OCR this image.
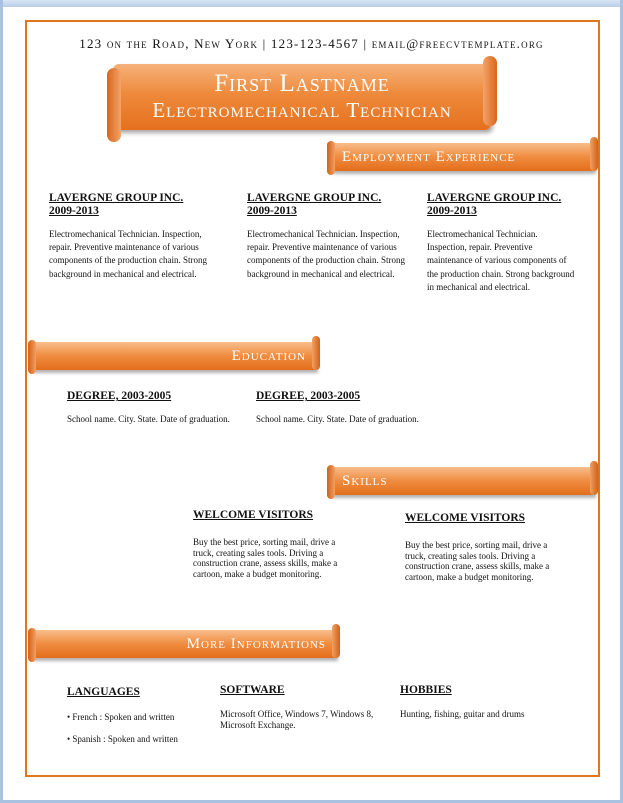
123 on the Road, New York | 123-123-4567 | email@freecvtemplate.org
First Lastname
Electromechanical Technician
Employment Experience
LAVERGNE GROUP INC.
2009-2013
Electromechanical Technician. Inspection, repair. Preventive maintenance of various components of the production chain. Strong background in mechanical and electrical.
LAVERGNE GROUP INC.
2009-2013
Electromechanical Technician. Inspection, repair. Preventive maintenance of various components of the production chain. Strong background in mechanical and electrical.
LAVERGNE GROUP INC.
2009-2013
Electromechanical Technician. Inspection, repair. Preventive maintenance of various components of the production chain. Strong background in mechanical and electrical.
Education
DEGREE, 2003-2005
School name. City. State. Date of graduation.
DEGREE, 2003-2005
School name. City. State. Date of graduation.
Skills
WELCOME VISITORS
Buy the best price, sorting mail, drive a truck, creating sales tools. Driving a construction crane, assess skills, make a cartoon, make a budget monitoring.
WELCOME VISITORS
Buy the best price, sorting mail, drive a truck, creating sales tools. Driving a construction crane, assess skills, make a cartoon, make a budget monitoring.
More Informations
LANGUAGES
• French : Spoken and written
• Spanish : Spoken and written
SOFTWARE
Microsoft Office, Windows 7, Windows 8, Microsoft Exchange.
HOBBIES
Hunting, fishing, guitar and drums
